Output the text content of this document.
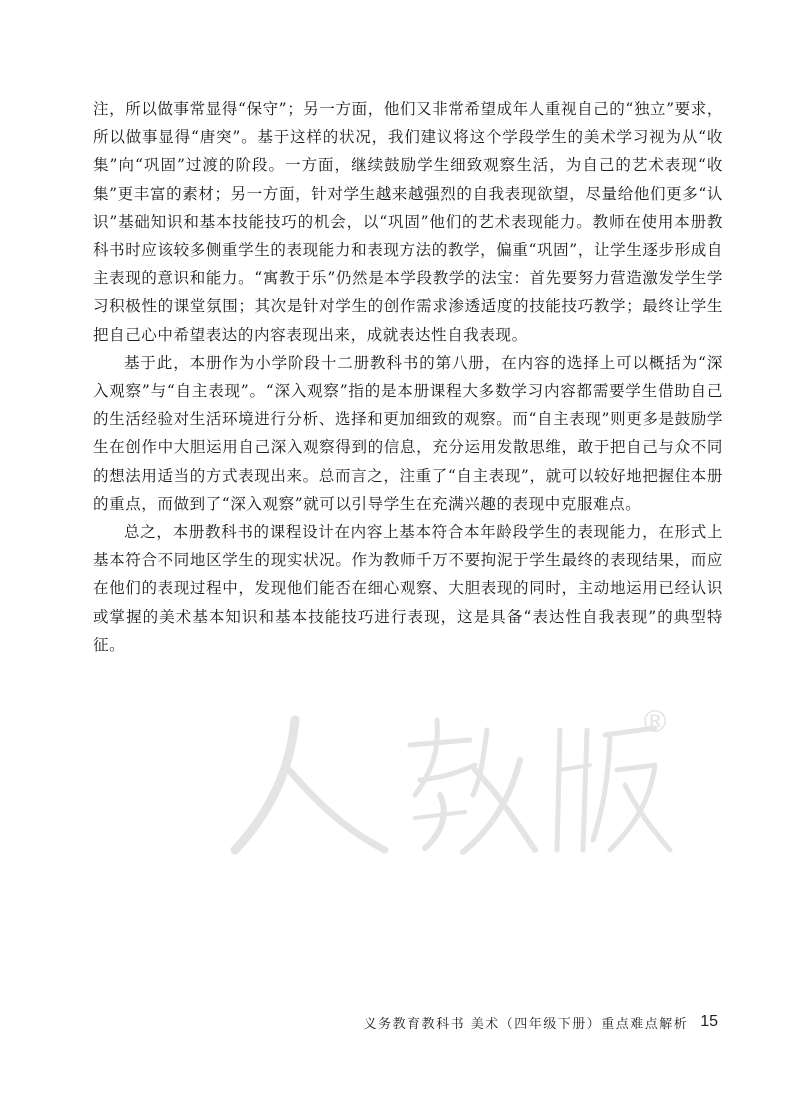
注，所以做事常显得“保守”；另一方面，他们又非常希望成年人重视自己的“独立”要求，所以做事显得“唐突”。基于这样的状况，我们建议将这个学段学生的美术学习视为从“收集”向“巩固”过渡的阶段。一方面，继续鼓励学生细致观察生活，为自己的艺术表现“收集”更丰富的素材；另一方面，针对学生越来越强烈的自我表现欲望，尽量给他们更多“认识”基础知识和基本技能技巧的机会，以“巩固”他们的艺术表现能力。教师在使用本册教科书时应该较多侧重学生的表现能力和表现方法的教学，偏重“巩固”，让学生逐步形成自主表现的意识和能力。“寓教于乐”仍然是本学段教学的法宝：首先要努力营造激发学生学习积极性的课堂氛围；其次是针对学生的创作需求渗透适度的技能技巧教学；最终让学生把自己心中希望表达的内容表现出来，成就表达性自我表现。

基于此，本册作为小学阶段十二册教科书的第八册，在内容的选择上可以概括为“深入观察”与“自主表现”。“深入观察”指的是本册课程大多数学习内容都需要学生借助自己的生活经验对生活环境进行分析、选择和更加细致的观察。而“自主表现”则更多是鼓励学生在创作中大胆运用自己深入观察得到的信息，充分运用发散思维，敢于把自己与众不同的想法用适当的方式表现出来。总而言之，注重了“自主表现”，就可以较好地把握住本册的重点，而做到了“深入观察”就可以引导学生在充满兴趣的表现中克服难点。

总之，本册教科书的课程设计在内容上基本符合本年龄段学生的表现能力，在形式上基本符合不同地区学生的现实状况。作为教师千万不要拘泥于学生最终的表现结果，而应在他们的表现过程中，发现他们能否在细心观察、大胆表现的同时，主动地运用已经认识或掌握的美术基本知识和基本技能技巧进行表现，这是具备“表达性自我表现”的典型特征。

®
义务教育教科书 美术（四年级下册）重点难点解析 15
